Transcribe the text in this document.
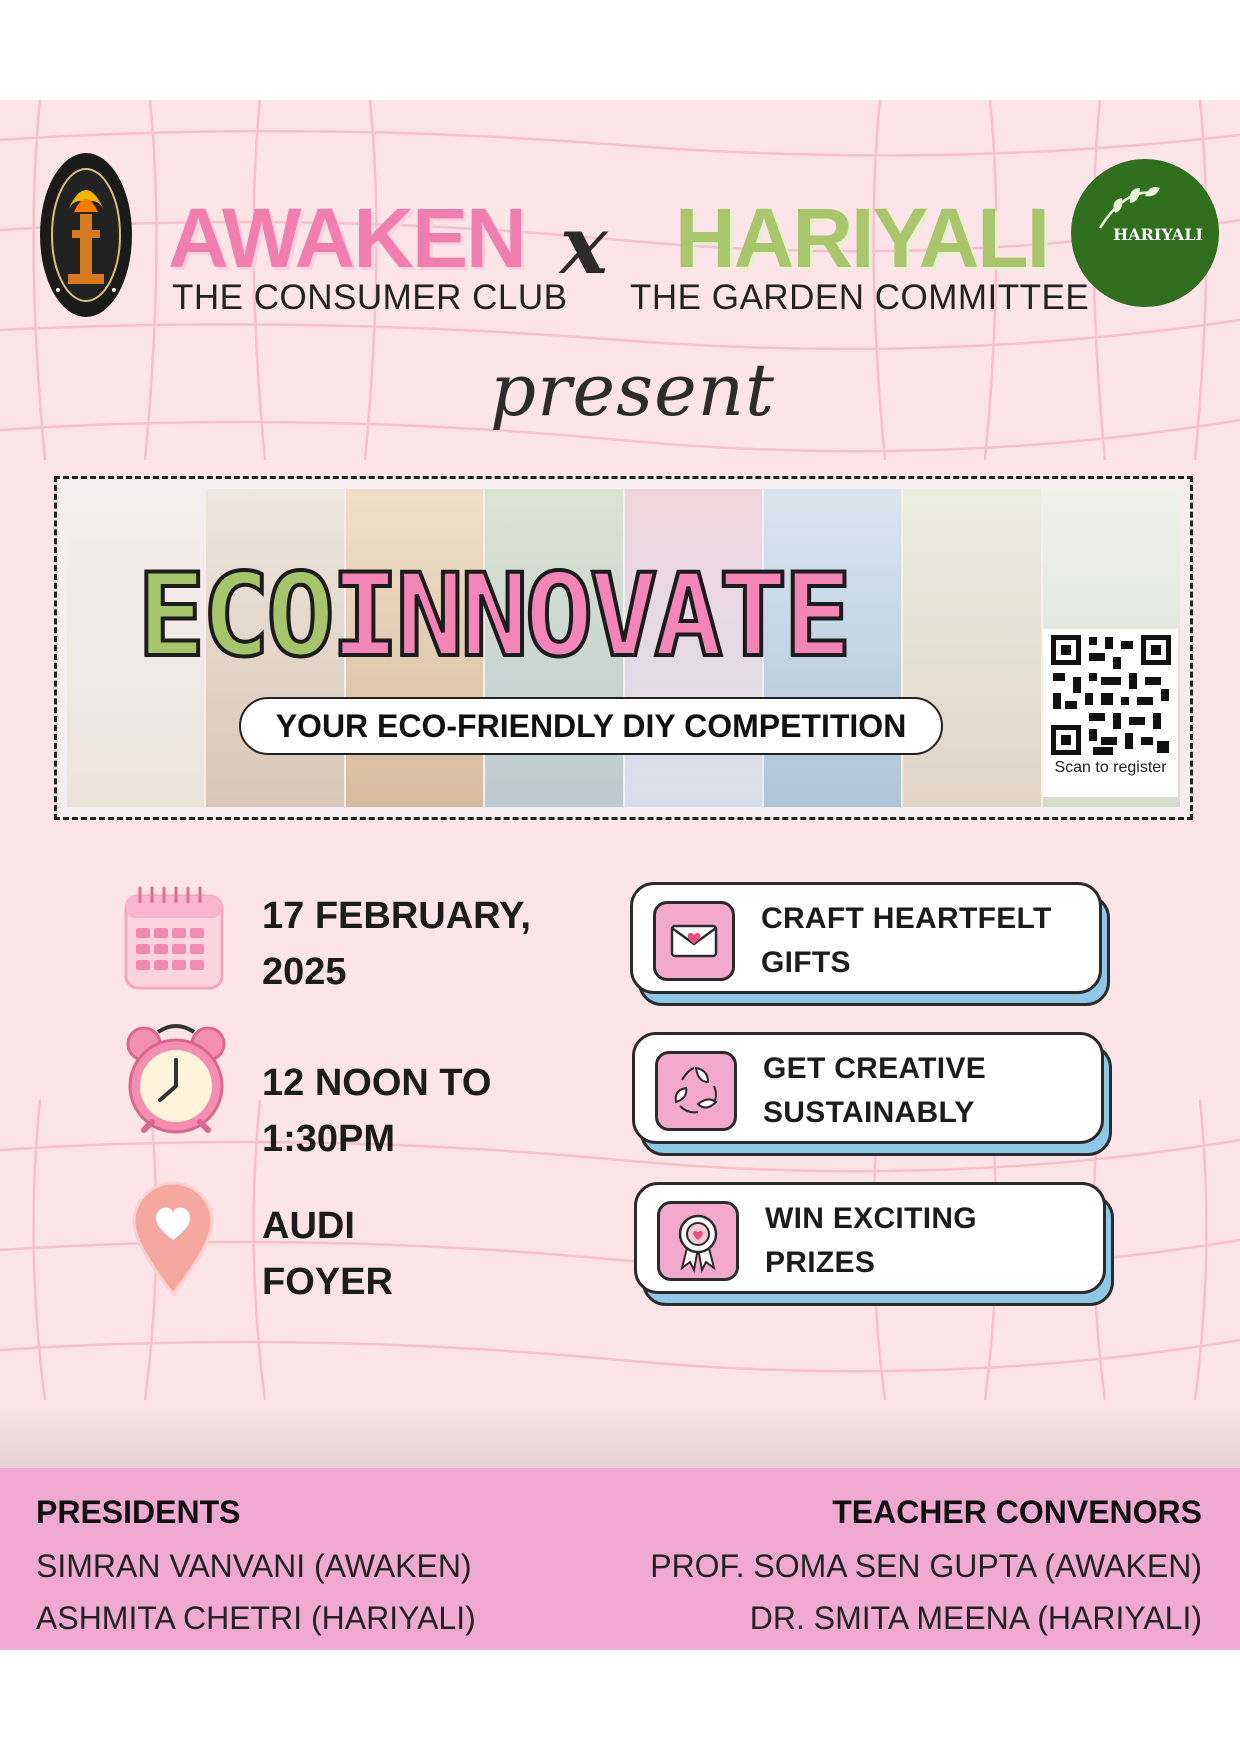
AWAKEN x HARIYALI
THE CONSUMER CLUB THE GARDEN COMMITTEE
HARIYALI
present
ECOINNOVATE
YOUR ECO-FRIENDLY DIY COMPETITION
Scan to register
17 FEBRUARY,
2025
12 NOON TO
1:30PM
AUDI
FOYER
CRAFT HEARTFELT
GIFTS
GET CREATIVE
SUSTAINABLY
WIN EXCITING
PRIZES
PRESIDENTS
SIMRAN VANVANI (AWAKEN)
ASHMITA CHETRI (HARIYALI)
TEACHER CONVENORS
PROF. SOMA SEN GUPTA (AWAKEN)
DR. SMITA MEENA (HARIYALI)
